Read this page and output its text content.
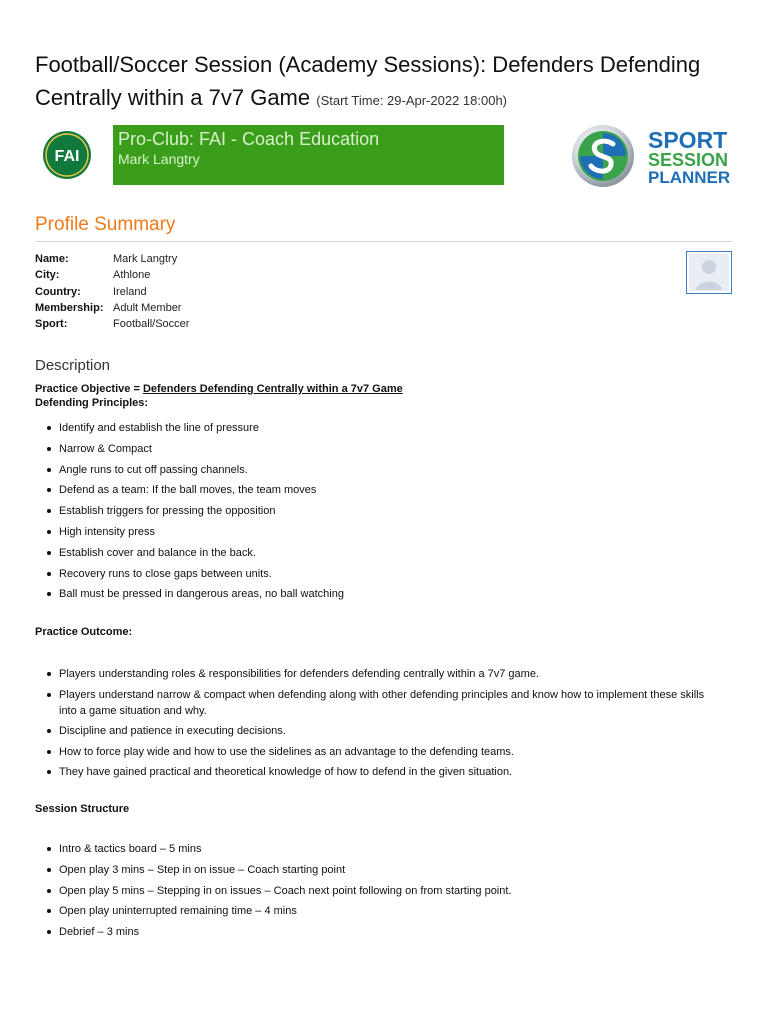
Football/Soccer Session (Academy Sessions): Defenders Defending Centrally within a 7v7 Game (Start Time: 29-Apr-2022 18:00h)
FAI
Pro-Club: FAI - Coach Education
Mark Langtry
SPORT
SESSION
PLANNER
Profile Summary
Name:	Mark Langtry
City:	Athlone
Country:	Ireland
Membership: Adult Member
Sport:	Football/Soccer
Description
Practice Objective = Defenders Defending Centrally within a 7v7 Game
Defending Principles:
Identify and establish the line of pressure
Narrow & Compact
Angle runs to cut off passing channels.
Defend as a team: If the ball moves, the team moves
Establish triggers for pressing the opposition
High intensity press
Establish cover and balance in the back.
Recovery runs to close gaps between units.
Ball must be pressed in dangerous areas, no ball watching
Practice Outcome:
Players understanding roles & responsibilities for defenders defending centrally within a 7v7 game.
Players understand narrow & compact when defending along with other defending principles and know how to implement these skills into a game situation and why.
Discipline and patience in executing decisions.
How to force play wide and how to use the sidelines as an advantage to the defending teams.
They have gained practical and theoretical knowledge of how to defend in the given situation.
Session Structure
Intro & tactics board – 5 mins
Open play 3 mins – Step in on issue – Coach starting point
Open play 5 mins – Stepping in on issues – Coach next point following on from starting point.
Open play uninterrupted remaining time – 4 mins
Debrief – 3 mins
